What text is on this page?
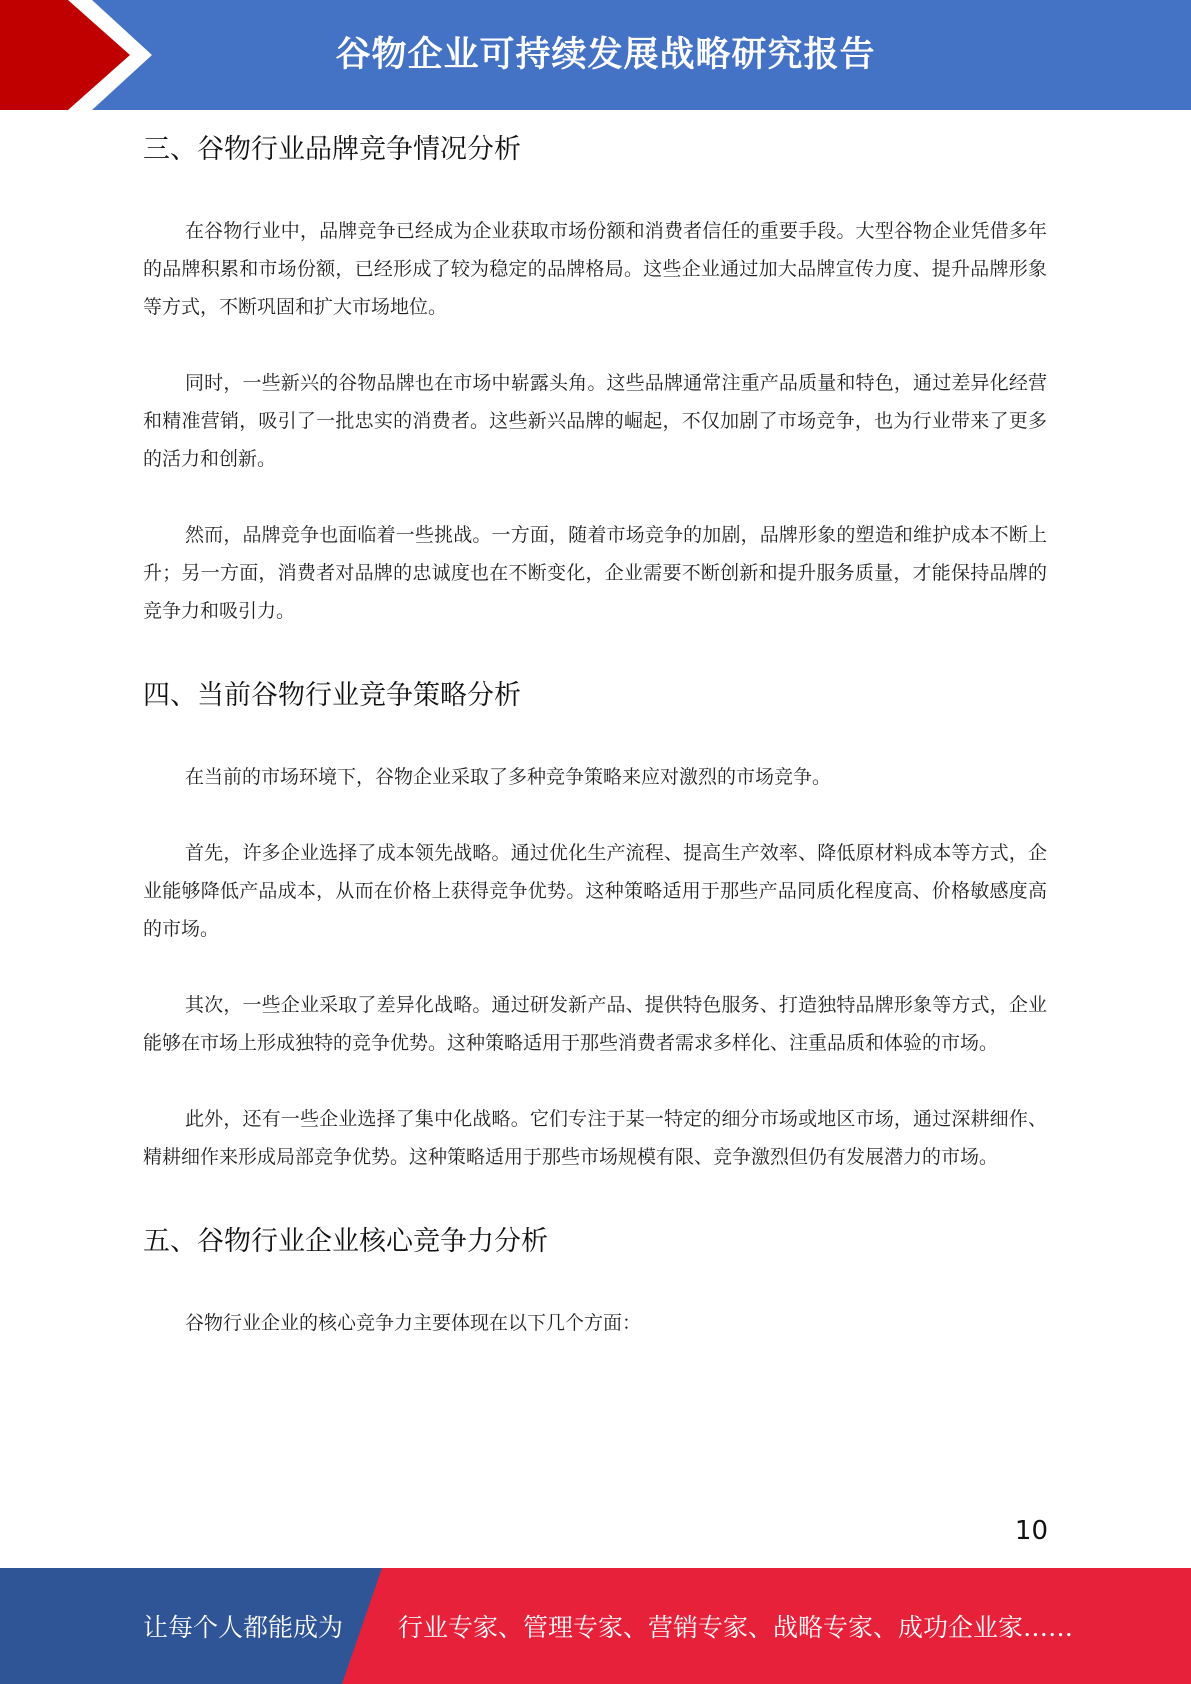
谷物企业可持续发展战略研究报告
三、谷物行业品牌竞争情况分析

在谷物行业中，品牌竞争已经成为企业获取市场份额和消费者信任的重要手段。大型谷物企业凭借多年的品牌积累和市场份额，已经形成了较为稳定的品牌格局。这些企业通过加大品牌宣传力度、提升品牌形象等方式，不断巩固和扩大市场地位。

同时，一些新兴的谷物品牌也在市场中崭露头角。这些品牌通常注重产品质量和特色，通过差异化经营和精准营销，吸引了一批忠实的消费者。这些新兴品牌的崛起，不仅加剧了市场竞争，也为行业带来了更多的活力和创新。

然而，品牌竞争也面临着一些挑战。一方面，随着市场竞争的加剧，品牌形象的塑造和维护成本不断上升；另一方面，消费者对品牌的忠诚度也在不断变化，企业需要不断创新和提升服务质量，才能保持品牌的竞争力和吸引力。

四、当前谷物行业竞争策略分析

在当前的市场环境下，谷物企业采取了多种竞争策略来应对激烈的市场竞争。

首先，许多企业选择了成本领先战略。通过优化生产流程、提高生产效率、降低原材料成本等方式，企业能够降低产品成本，从而在价格上获得竞争优势。这种策略适用于那些产品同质化程度高、价格敏感度高的市场。

其次，一些企业采取了差异化战略。通过研发新产品、提供特色服务、打造独特品牌形象等方式，企业能够在市场上形成独特的竞争优势。这种策略适用于那些消费者需求多样化、注重品质和体验的市场。

此外，还有一些企业选择了集中化战略。它们专注于某一特定的细分市场或地区市场，通过深耕细作、精耕细作来形成局部竞争优势。这种策略适用于那些市场规模有限、竞争激烈但仍有发展潜力的市场。

五、谷物行业企业核心竞争力分析

谷物行业企业的核心竞争力主要体现在以下几个方面：

10
让每个人都能成为 行业专家、管理专家、营销专家、战略专家、成功企业家……
